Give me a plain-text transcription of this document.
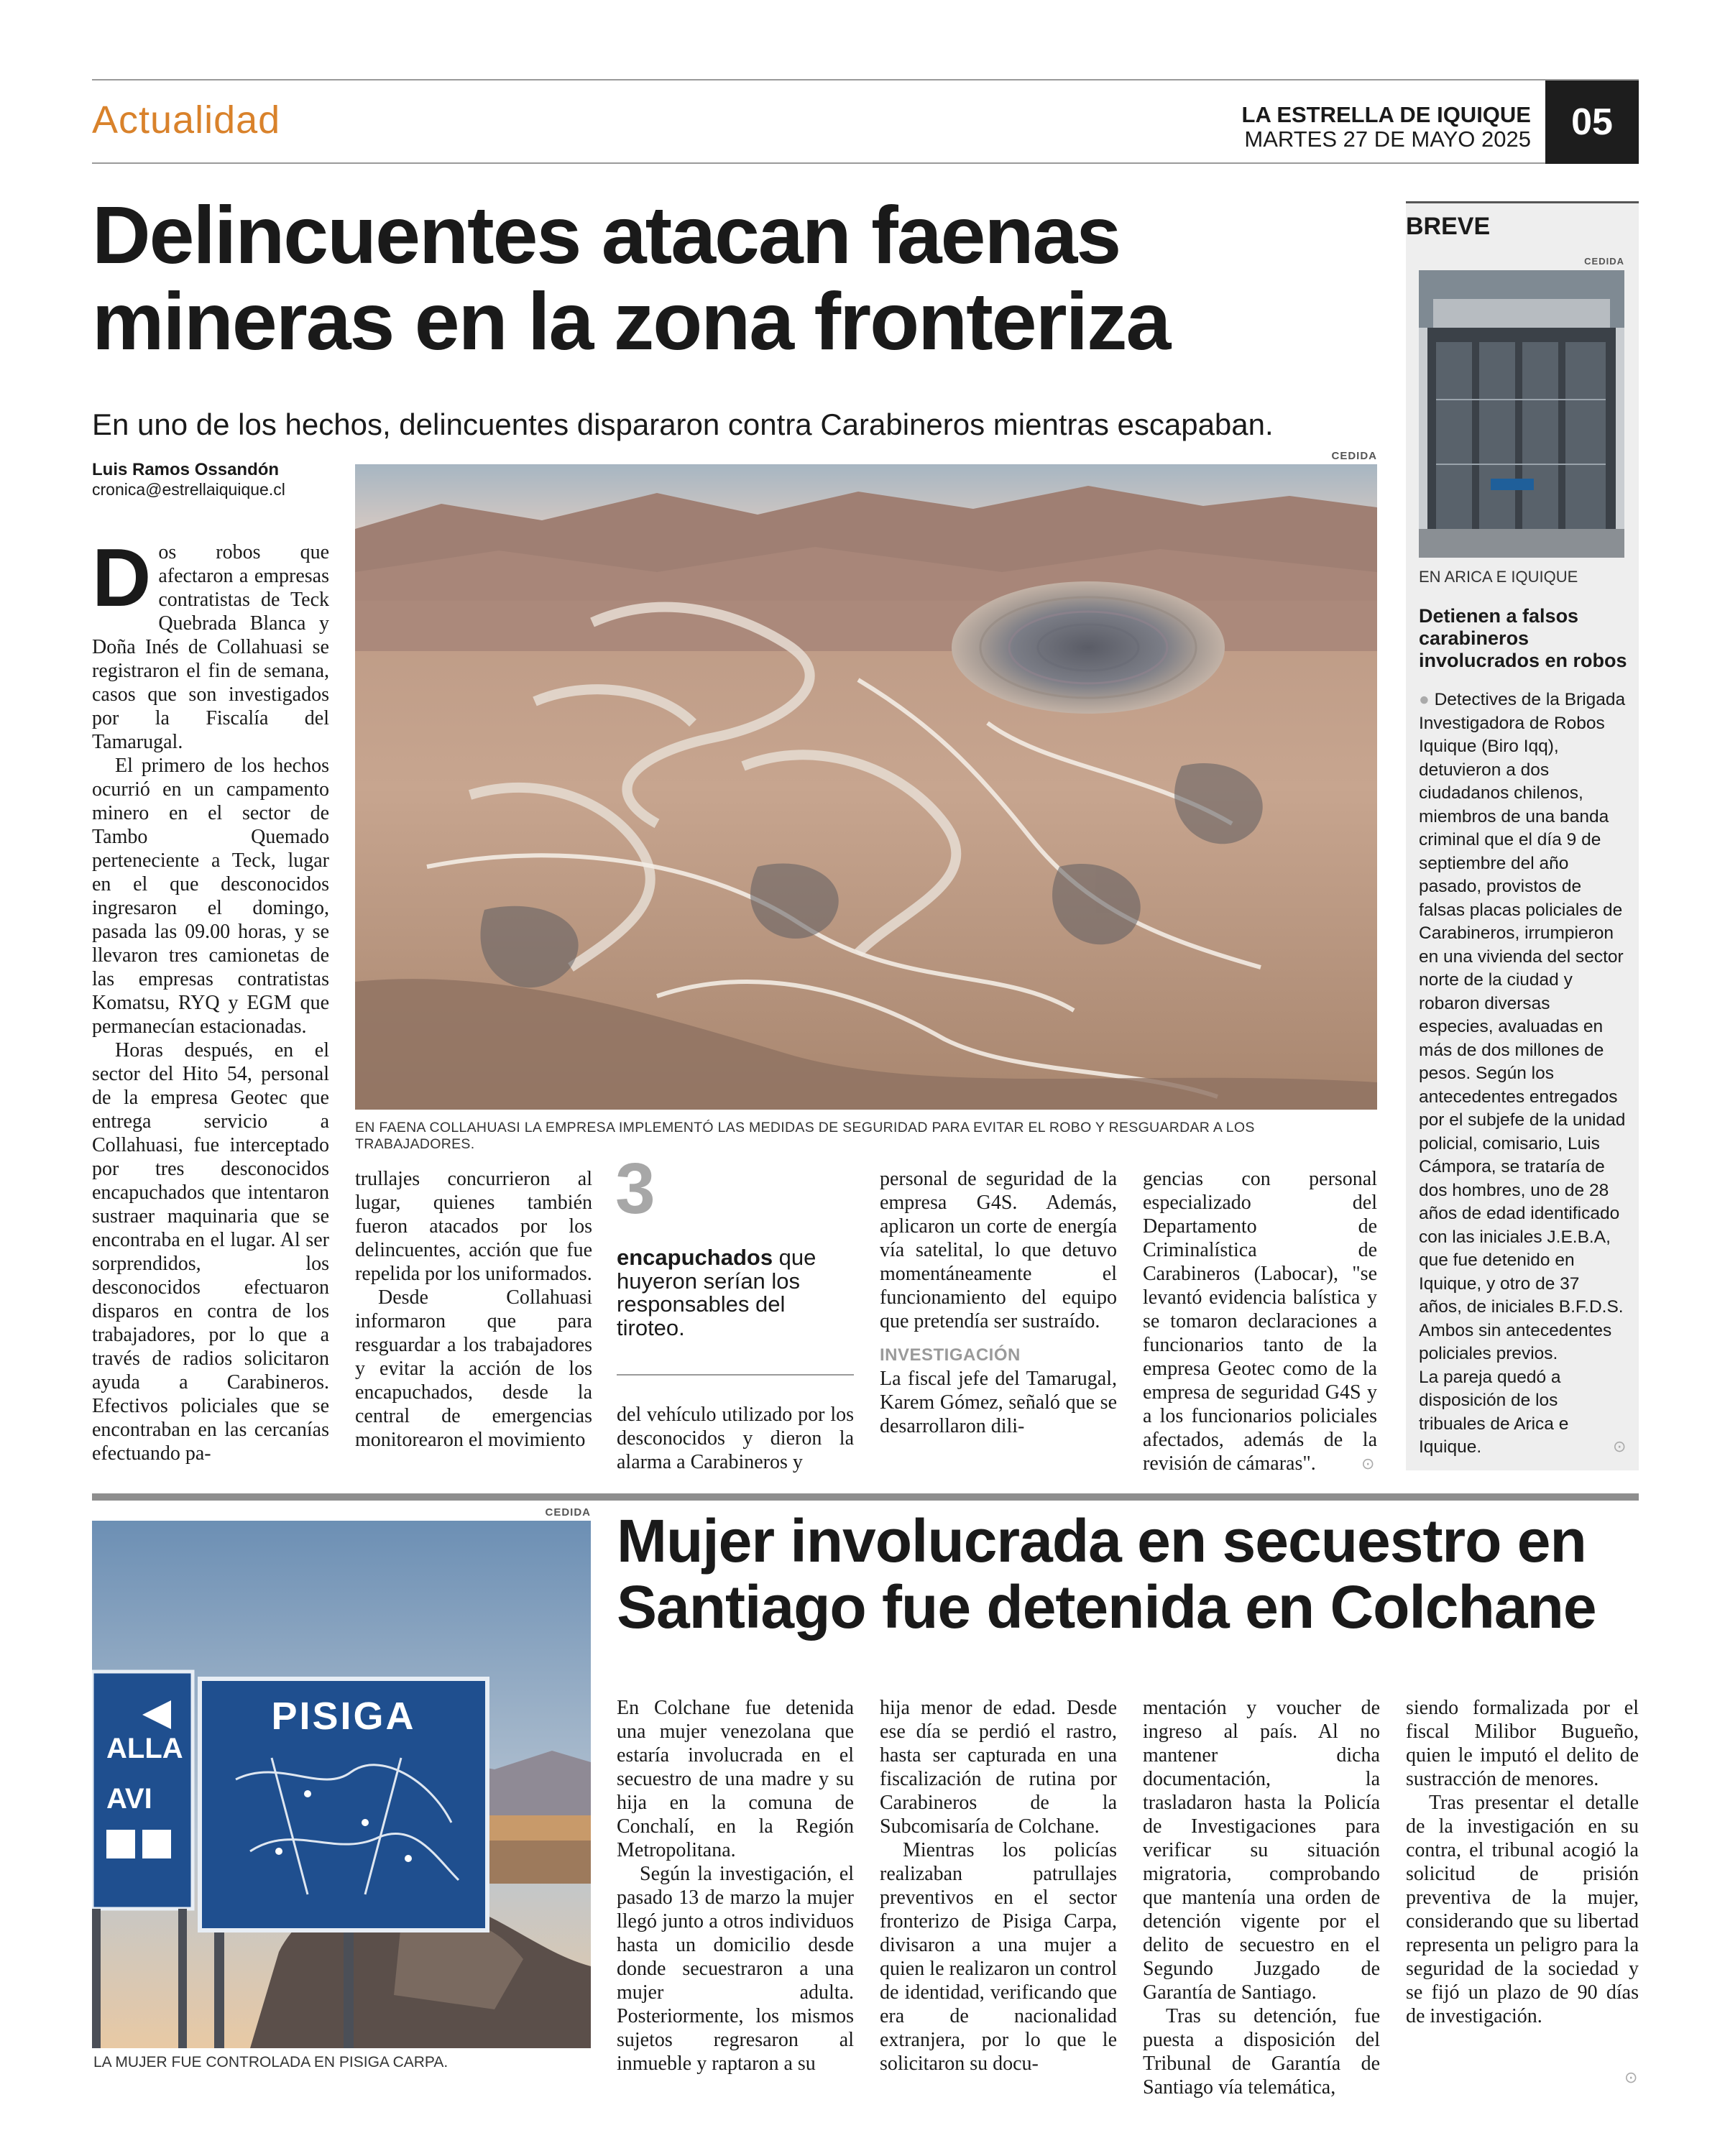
Actualidad	LA ESTRELLA DE IQUIQUE
MARTES 27 DE MAYO 2025	05
Delincuentes atacan faenas
mineras en la zona fronteriza
En uno de los hechos, delincuentes dispararon contra Carabineros mientras escapaban.
Luis Ramos Ossandón
cronica@estrellaiquique.cl
CEDIDA
EN FAENA COLLAHUASI LA EMPRESA IMPLEMENTÓ LAS MEDIDAS DE SEGURIDAD PARA EVITAR EL ROBO Y RESGUARDAR A LOS TRABAJADORES.

Dos robos que afectaron a empresas contratistas de Teck Quebrada Blanca y Doña Inés de Collahuasi se registraron el fin de semana, casos que son investigados por la Fiscalía del Tamarugal.

El primero de los hechos ocurrió en un campamento minero en el sector de Tambo Quemado perteneciente a Teck, lugar en el que desconocidos ingresaron el domingo, pasada las 09.00 horas, y se llevaron tres camionetas de las empresas contratistas Komatsu, RYQ y EGM que permanecían estacionadas.

Horas después, en el sector del Hito 54, personal de la empresa Geotec que entrega servicio a Collahuasi, fue interceptado por tres desconocidos encapuchados que intentaron sustraer maquinaria que se encontraba en el lugar. Al ser sorprendidos, los desconocidos efectuaron disparos en contra de los trabajadores, por lo que a través de radios solicitaron ayuda a Carabineros. Efectivos policiales que se encontraban en las cercanías efectuando pa-

trullajes concurrieron al lugar, quienes también fueron atacados por los delincuentes, acción que fue repelida por los uniformados.

Desde Collahuasi informaron que para resguardar a los trabajadores y evitar la acción de los encapuchados, desde la central de emergencias monitorearon el movimiento

3
encapuchados que huyeron serían los responsables del tiroteo.

del vehículo utilizado por los desconocidos y dieron la alarma a Carabineros y

personal de seguridad de la empresa G4S. Además, aplicaron un corte de energía vía satelital, lo que detuvo momentáneamente el funcionamiento del equipo que pretendía ser sustraído.

INVESTIGACIÓN

La fiscal jefe del Tamarugal, Karem Gómez, señaló que se desarrollaron dili-

gencias con personal especializado del Departamento de Criminalística de Carabineros (Labocar), "se levantó evidencia balística y se tomaron declaraciones a funcionarios tanto de la empresa Geotec como de la empresa de seguridad G4S y a los funcionarios policiales afectados, además de la revisión de cámaras".	⊙
BREVE
CEDIDA
EN ARICA E IQUIQUE
Detienen a falsos carabineros involucrados en robos

● Detectives de la Brigada Investigadora de Robos Iquique (Biro Iqq), detuvieron a dos ciudadanos chilenos, miembros de una banda criminal que el día 9 de septiembre del año pasado, provistos de falsas placas policiales de Carabineros, irrumpieron en una vivienda del sector norte de la ciudad y robaron diversas especies, avaluadas en más de dos millones de pesos. Según los antecedentes entregados por el subjefe de la unidad policial, comisario, Luis Cámpora, se trataría de dos hombres, uno de 28 años de edad identificado con las iniciales J.E.B.A, que fue detenido en Iquique, y otro de 37 años, de iniciales B.F.D.S. Ambos sin antecedentes policiales previos.

La pareja quedó a disposición de los tribuales de Arica e Iquique.	⊙
CEDIDA
PISIGA
ALLA
AVI
LA MUJER FUE CONTROLADA EN PISIGA CARPA.
Mujer involucrada en secuestro en
Santiago fue detenida en Colchane

En Colchane fue detenida una mujer venezolana que estaría involucrada en el secuestro de una madre y su hija en la comuna de Conchalí, en la Región Metropolitana.

Según la investigación, el pasado 13 de marzo la mujer llegó junto a otros individuos hasta un domicilio desde donde secuestraron a una mujer adulta. Posteriormente, los mismos sujetos regresaron al inmueble y raptaron a su

hija menor de edad. Desde ese día se perdió el rastro, hasta ser capturada en una fiscalización de rutina por Carabineros de la Subcomisaría de Colchane.

Mientras los policías realizaban patrullajes preventivos en el sector fronterizo de Pisiga Carpa, divisaron a una mujer a quien le realizaron un control de identidad, verificando que era de nacionalidad extranjera, por lo que le solicitaron su docu-

mentación y voucher de ingreso al país. Al no mantener dicha documentación, la trasladaron hasta la Policía de Investigaciones para verificar su situación migratoria, comprobando que mantenía una orden de detención vigente por el delito de secuestro en el Segundo Juzgado de Garantía de Santiago.

Tras su detención, fue puesta a disposición del Tribunal de Garantía de Santiago vía telemática,

siendo formalizada por el fiscal Milibor Bugueño, quien le imputó el delito de sustracción de menores.

Tras presentar el detalle de la investigación en su contra, el tribunal acogió la solicitud de prisión preventiva de la mujer, considerando que su libertad representa un peligro para la seguridad de la sociedad y se fijó un plazo de 90 días de investigación.

⊙
